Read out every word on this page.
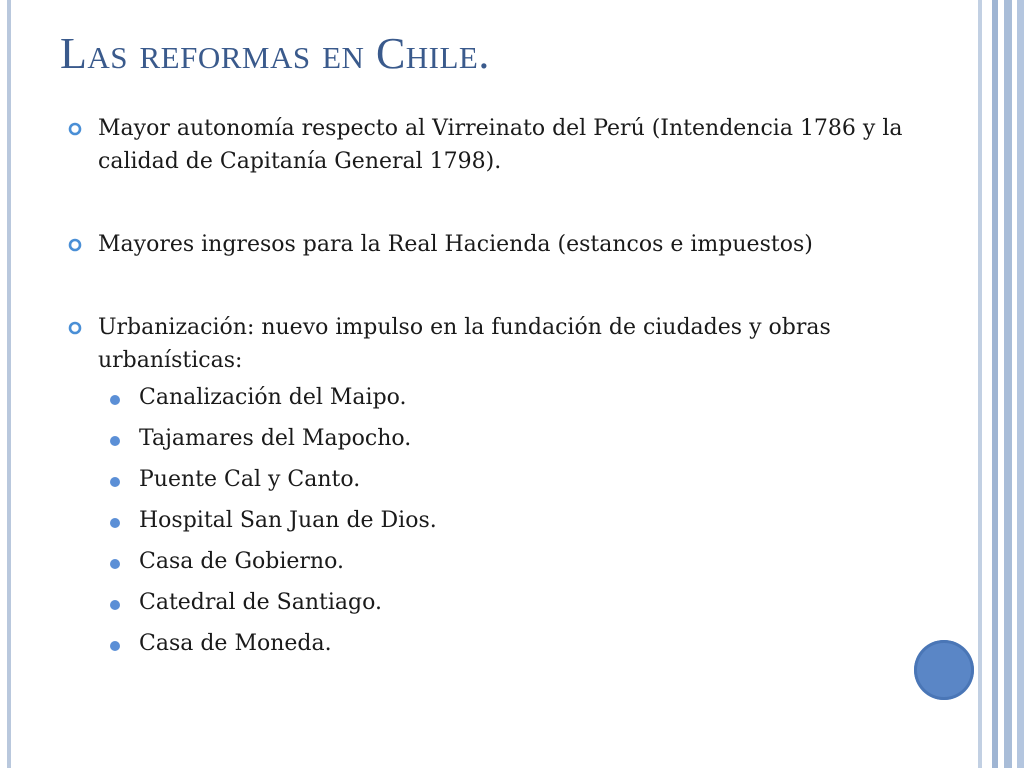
Las reformas en Chile.
Mayor autonomía respecto al Virreinato del Perú (Intendencia 1786 y la calidad de Capitanía General 1798).
Mayores ingresos para la Real Hacienda (estancos e impuestos)
Urbanización: nuevo impulso en la fundación de ciudades y obras urbanísticas:
Canalización del Maipo.
Tajamares del Mapocho.
Puente Cal y Canto.
Hospital San Juan de Dios.
Casa de Gobierno.
Catedral de Santiago.
Casa de Moneda.
